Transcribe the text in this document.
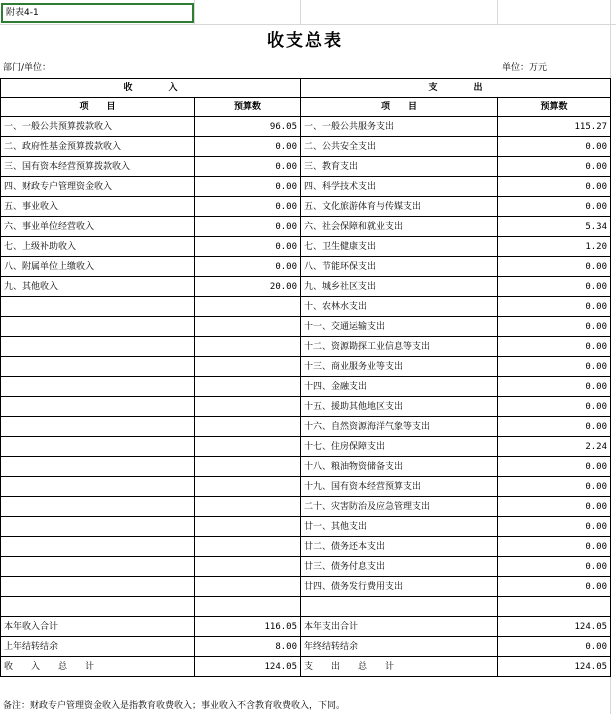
附表4-1
收支总表
部门/单位：	单位：万元
收　　　　入		支　　　　出	
项　　目	预算数	项　　目	预算数
一、一般公共预算拨款收入	96.05	一、一般公共服务支出	115.27
二、政府性基金预算拨款收入	0.00	二、公共安全支出	0.00
三、国有资本经营预算拨款收入	0.00	三、教育支出	0.00
四、财政专户管理资金收入	0.00	四、科学技术支出	0.00
五、事业收入	0.00	五、文化旅游体育与传媒支出	0.00
六、事业单位经营收入	0.00	六、社会保障和就业支出	5.34
七、上级补助收入	0.00	七、卫生健康支出	1.20
八、附属单位上缴收入	0.00	八、节能环保支出	0.00
九、其他收入	20.00	九、城乡社区支出	0.00
		十、农林水支出	0.00
		十一、交通运输支出	0.00
		十二、资源勘探工业信息等支出	0.00
		十三、商业服务业等支出	0.00
		十四、金融支出	0.00
		十五、援助其他地区支出	0.00
		十六、自然资源海洋气象等支出	0.00
		十七、住房保障支出	2.24
		十八、粮油物资储备支出	0.00
		十九、国有资本经营预算支出	0.00
		二十、灾害防治及应急管理支出	0.00
		廿一、其他支出	0.00
		廿二、债务还本支出	0.00
		廿三、债务付息支出	0.00
		廿四、债务发行费用支出	0.00

本年收入合计	116.05	本年支出合计	124.05
上年结转结余	8.00	年终结转结余	0.00
收　　入　　总　　计	124.05	支　　出　　总　　计	124.05
备注：财政专户管理资金收入是指教育收费收入；事业收入不含教育收费收入，下同。
